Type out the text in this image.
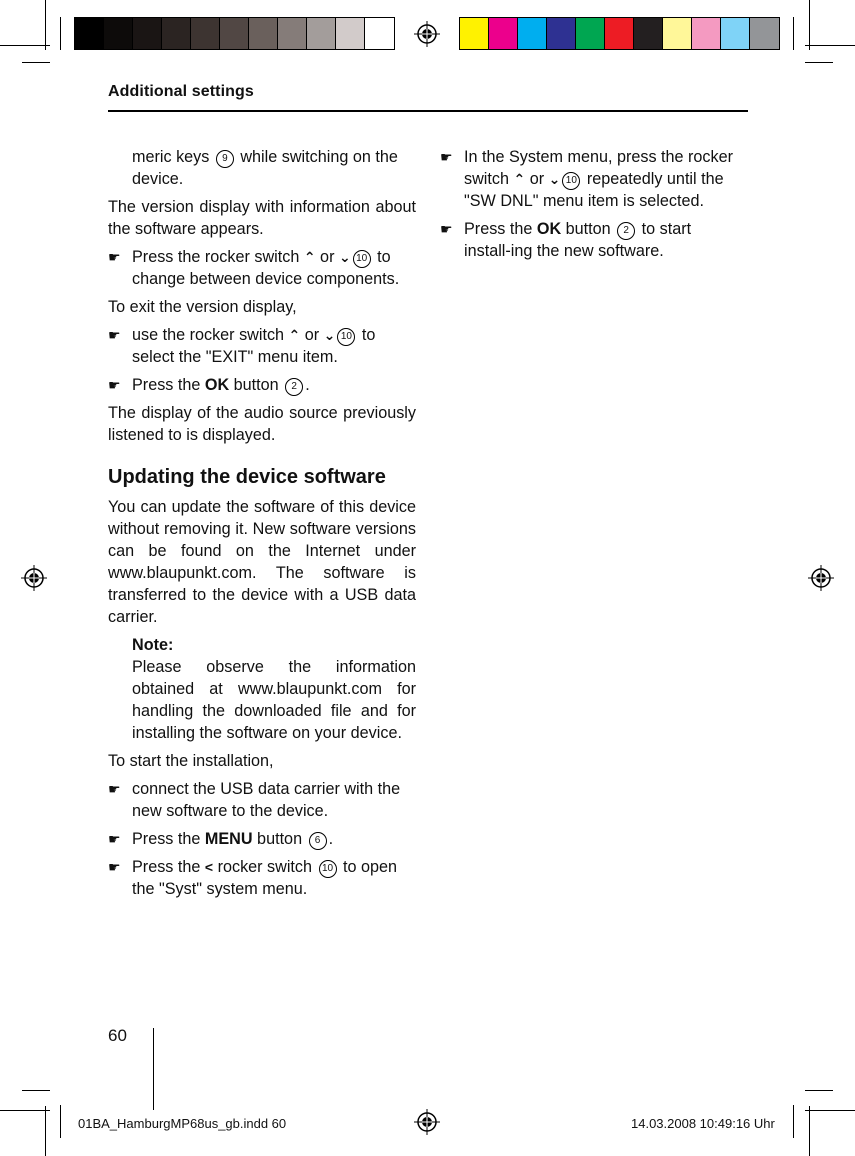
Additional settings

meric keys 9 while switching on the device.

The version display with information about the software appears.

☛ Press the rocker switch ⌃ or ⌄ 10 to change between device components.

To exit the version display,

☛ use the rocker switch ⌃ or ⌄ 10 to select the "EXIT" menu item.
☛ Press the OK button 2 .

The display of the audio source previously listened to is displayed.

Updating the device software

You can update the software of this device without removing it. New software versions can be found on the Internet under www.blaupunkt.com. The software is transferred to the device with a USB data carrier.

Note:

Please observe the information obtained at www.blaupunkt.com for handling the downloaded file and for installing the software on your device.

To start the installation,

☛ connect the USB data carrier with the new software to the device.
☛ Press the MENU button 6 .
☛ Press the < rocker switch 10 to open the "Syst" system menu.
☛ In the System menu, press the rocker switch ⌃ or ⌄ 10 repeatedly until the "SW DNL" menu item is selected.
☛ Press the OK button 2 to start install-ing the new software.
60
01BA_HamburgMP68us_gb.indd 60	14.03.2008 10:49:16 Uhr
